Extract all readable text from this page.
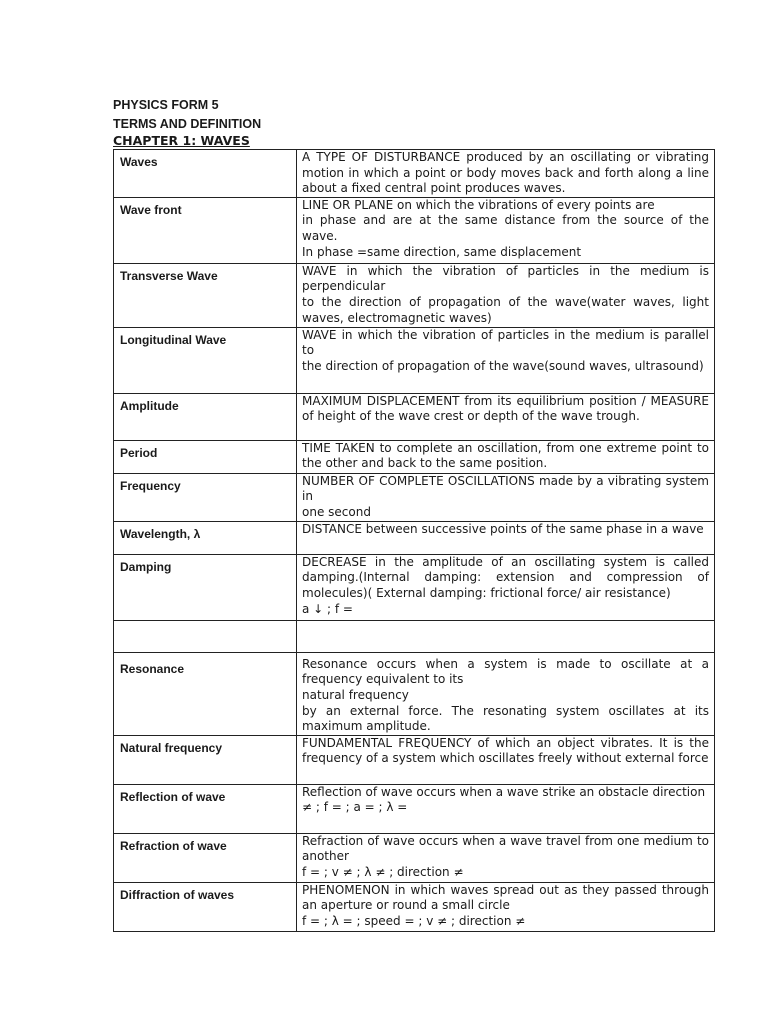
PHYSICS FORM 5
TERMS AND DEFINITION
CHAPTER 1: WAVES
Waves	A TYPE OF DISTURBANCE produced by an oscillating or vibrating motion in which a point or body moves back and forth along a line about a fixed central point produces waves.

Wave front	LINE OR PLANE on which the vibrations of every points are
in phase and are at the same distance from the source of the wave.
In phase =same direction, same displacement

Transverse Wave	WAVE in which the vibration of particles in the medium is perpendicular
to the direction of propagation of the wave(water waves, light waves, electromagnetic waves)

Longitudinal Wave	WAVE in which the vibration of particles in the medium is parallel to
the direction of propagation of the wave(sound waves, ultrasound)

Amplitude	MAXIMUM DISPLACEMENT from its equilibrium position / MEASURE of height of the wave crest or depth of the wave trough.

Period	TIME TAKEN to complete an oscillation, from one extreme point to the other and back to the same position.

Frequency	NUMBER OF COMPLETE OSCILLATIONS made by a vibrating system in
one second

Wavelength, λ	DISTANCE between successive points of the same phase in a wave

Damping	DECREASE in the amplitude of an oscillating system is called damping.(Internal damping: extension and compression of molecules)( External damping: frictional force/ air resistance)
a ↓ ; f =

Resonance	Resonance occurs when a system is made to oscillate at a frequency equivalent to its
natural frequency
by an external force. The resonating system oscillates at its maximum amplitude.

Natural frequency	FUNDAMENTAL FREQUENCY of which an object vibrates. It is the frequency of a system which oscillates freely without external force

Reflection of wave	Reflection of wave occurs when a wave strike an obstacle direction
≠ ; f = ; a = ; λ =

Refraction of wave	Refraction of wave occurs when a wave travel from one medium to another
f = ; v ≠ ; λ ≠ ; direction ≠

Diffraction of waves	PHENOMENON in which waves spread out as they passed through an aperture or round a small circle
f = ; λ = ; speed = ; v ≠ ; direction ≠
